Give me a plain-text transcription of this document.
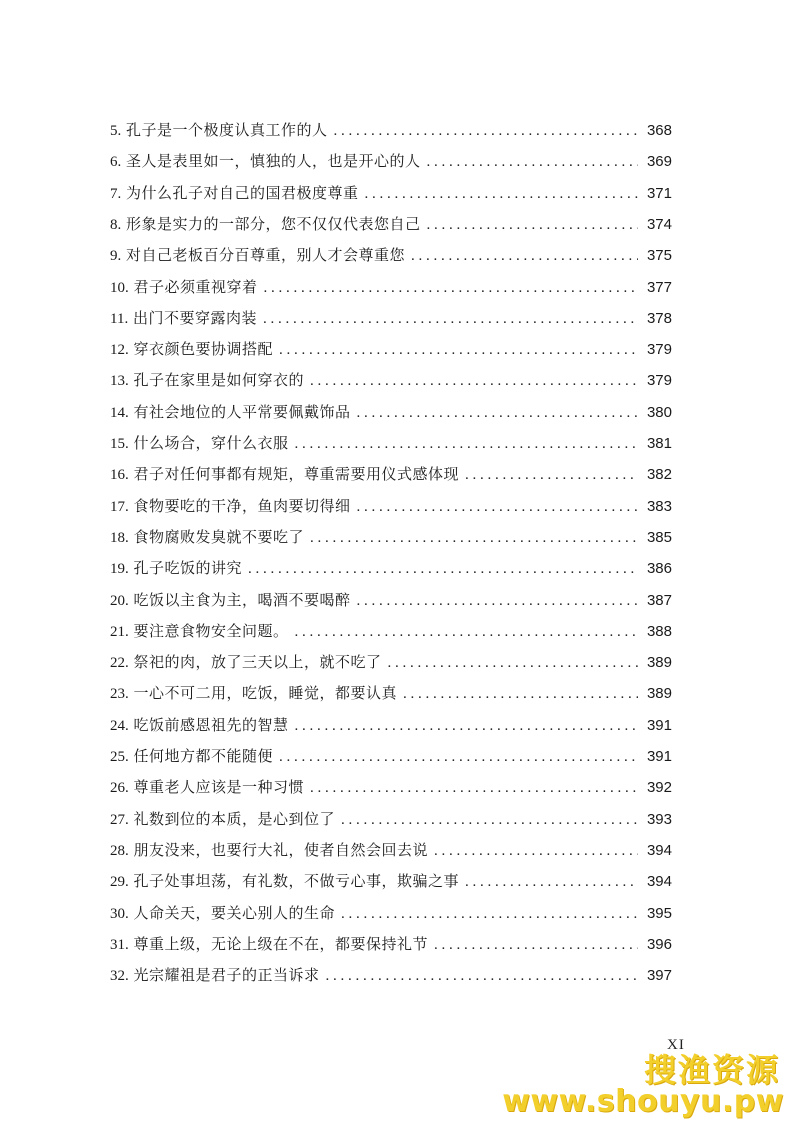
5.
孔子是一个极度认真工作的人 . . .	368
6.
圣人是表里如一，慎独的人，也是开心的人 . . .	369
7.
为什么孔子对自己的国君极度尊重 . . .	371
8.
形象是实力的一部分，您不仅仅代表您自己 . . .	374
9.
对自己老板百分百尊重，别人才会尊重您 . . .	375
10.
君子必须重视穿着 . . .	377
11.
出门不要穿露肉装 . . .	378
12.
穿衣颜色要协调搭配 . . .	379
13.
孔子在家里是如何穿衣的 . . .	379
14.
有社会地位的人平常要佩戴饰品 . . .	380
15.
什么场合，穿什么衣服 . . .	381
16.
君子对任何事都有规矩，尊重需要用仪式感体现 . . .	382
17.
食物要吃的干净，鱼肉要切得细 . . .	383
18.
食物腐败发臭就不要吃了 . . .	385
19.
孔子吃饭的讲究 . . .	386
20.
吃饭以主食为主，喝酒不要喝醉 . . .	387
21.
要注意食物安全问题。 . . .	388
22.
祭祀的肉，放了三天以上，就不吃了 . . .	389
23.
一心不可二用，吃饭，睡觉，都要认真 . . .	389
24.
吃饭前感恩祖先的智慧 . . .	391
25.
任何地方都不能随便 . . .	391
26.
尊重老人应该是一种习惯 . . .	392
27.
礼数到位的本质，是心到位了 . . .	393
28.
朋友没来，也要行大礼，使者自然会回去说 . . .	394
29.
孔子处事坦荡，有礼数，不做亏心事，欺骗之事 . . .	394
30.
人命关天，要关心别人的生命 . . .	395
31.
尊重上级，无论上级在不在，都要保持礼节 . . .	396
32.
光宗耀祖是君子的正当诉求 . . .	397
XI
搜渔资源
www.shouyu.pw
